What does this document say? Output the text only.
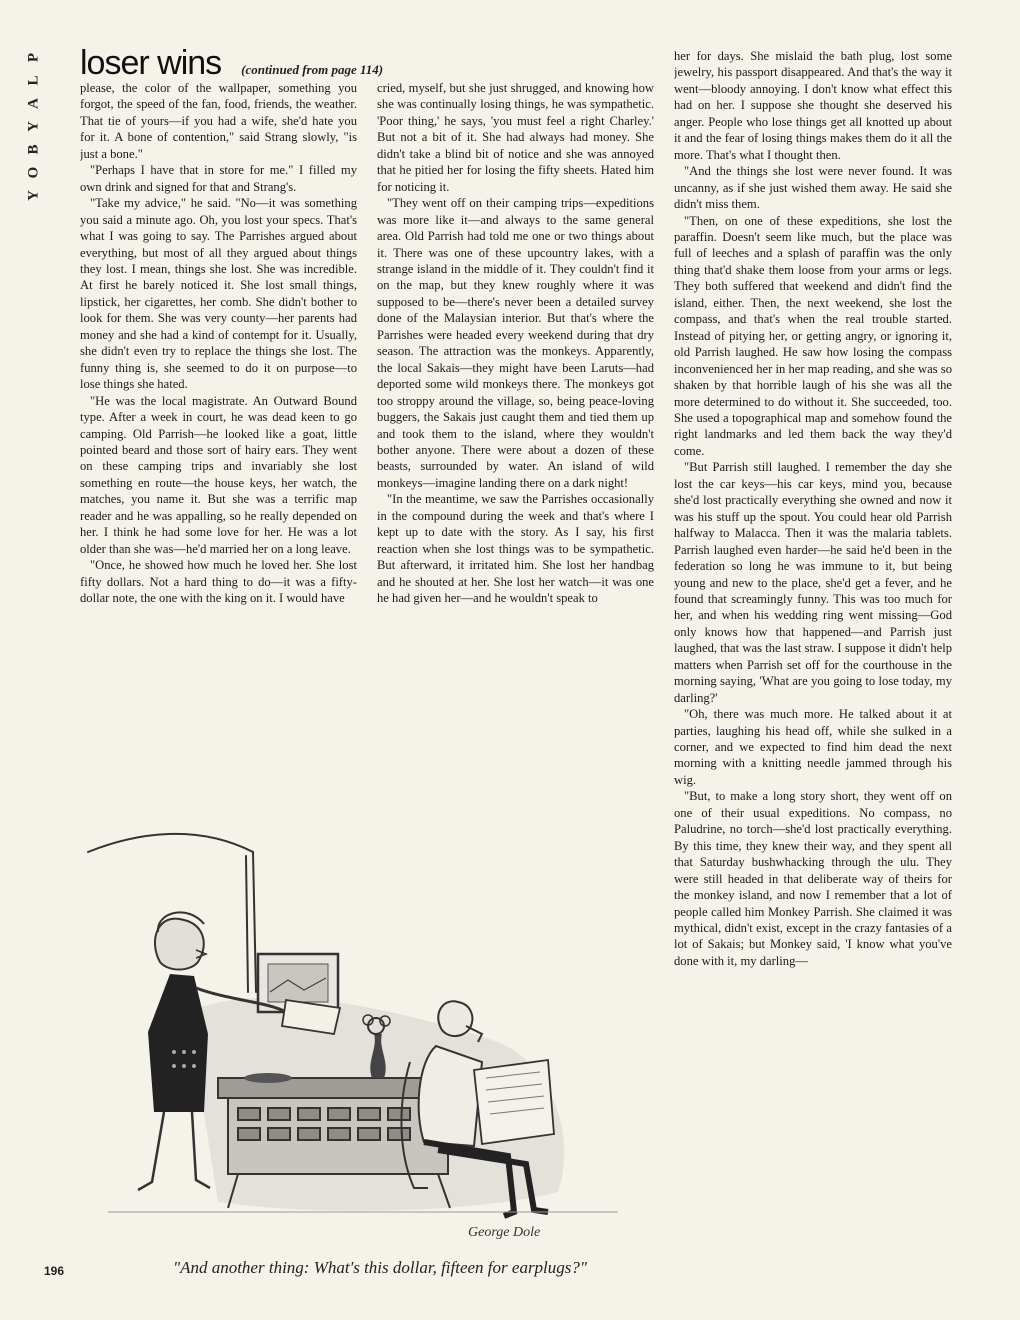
P
L
A
Y
B
O
Y
loser wins (continued from page 114)

please, the color of the wallpaper, something you forgot, the speed of the fan, food, friends, the weather. That tie of yours—if you had a wife, she'd hate you for it. A bone of contention," said Strang slowly, "is just a bone."

"Perhaps I have that in store for me." I filled my own drink and signed for that and Strang's.

"Take my advice," he said. "No—it was something you said a minute ago. Oh, you lost your specs. That's what I was going to say. The Parrishes argued about everything, but most of all they argued about things they lost. I mean, things she lost. She was incredible. At first he barely noticed it. She lost small things, lipstick, her cigarettes, her comb. She didn't bother to look for them. She was very county—her parents had money and she had a kind of contempt for it. Usually, she didn't even try to replace the things she lost. The funny thing is, she seemed to do it on purpose—to lose things she hated.

"He was the local magistrate. An Outward Bound type. After a week in court, he was dead keen to go camping. Old Parrish—he looked like a goat, little pointed beard and those sort of hairy ears. They went on these camping trips and invariably she lost something en route—the house keys, her watch, the matches, you name it. But she was a terrific map reader and he was appalling, so he really depended on her. I think he had some love for her. He was a lot older than she was—he'd married her on a long leave.

"Once, he showed how much he loved her. She lost fifty dollars. Not a hard thing to do—it was a fifty-dollar note, the one with the king on it. I would have

cried, myself, but she just shrugged, and knowing how she was continually losing things, he was sympathetic. 'Poor thing,' he says, 'you must feel a right Charley.' But not a bit of it. She had always had money. She didn't take a blind bit of notice and she was annoyed that he pitied her for losing the fifty sheets. Hated him for noticing it.

"They went off on their camping trips—expeditions was more like it—and always to the same general area. Old Parrish had told me one or two things about it. There was one of these upcountry lakes, with a strange island in the middle of it. They couldn't find it on the map, but they knew roughly where it was supposed to be—there's never been a detailed survey done of the Malaysian interior. But that's where the Parrishes were headed every weekend during that dry season. The attraction was the monkeys. Apparently, the local Sakais—they might have been Laruts—had deported some wild monkeys there. The monkeys got too stroppy around the village, so, being peace-loving buggers, the Sakais just caught them and tied them up and took them to the island, where they wouldn't bother anyone. There were about a dozen of these beasts, surrounded by water. An island of wild monkeys—imagine landing there on a dark night!

"In the meantime, we saw the Parrishes occasionally in the compound during the week and that's where I kept up to date with the story. As I say, his first reaction when she lost things was to be sympathetic. But afterward, it irritated him. She lost her handbag and he shouted at her. She lost her watch—it was one he had given her—and he wouldn't speak to

her for days. She mislaid the bath plug, lost some jewelry, his passport disappeared. And that's the way it went—bloody annoying. I don't know what effect this had on her. I suppose she thought she deserved his anger. People who lose things get all knotted up about it and the fear of losing things makes them do it all the more. That's what I thought then.

"And the things she lost were never found. It was uncanny, as if she just wished them away. He said she didn't miss them.

"Then, on one of these expeditions, she lost the paraffin. Doesn't seem like much, but the place was full of leeches and a splash of paraffin was the only thing that'd shake them loose from your arms or legs. They both suffered that weekend and didn't find the island, either. Then, the next weekend, she lost the compass, and that's when the real trouble started. Instead of pitying her, or getting angry, or ignoring it, old Parrish laughed. He saw how losing the compass inconvenienced her in her map reading, and she was so shaken by that horrible laugh of his she was all the more determined to do without it. She succeeded, too. She used a topographical map and somehow found the right landmarks and led them back the way they'd come.

"But Parrish still laughed. I remember the day she lost the car keys—his car keys, mind you, because she'd lost practically everything she owned and now it was his stuff up the spout. You could hear old Parrish halfway to Malacca. Then it was the malaria tablets. Parrish laughed even harder—he said he'd been in the federation so long he was immune to it, but being young and new to the place, she'd get a fever, and he found that screamingly funny. This was too much for her, and when his wedding ring went missing—God only knows how that happened—and Parrish just laughed, that was the last straw. I suppose it didn't help matters when Parrish set off for the courthouse in the morning saying, 'What are you going to lose today, my darling?'

"Oh, there was much more. He talked about it at parties, laughing his head off, while she sulked in a corner, and we expected to find him dead the next morning with a knitting needle jammed through his wig.

"But, to make a long story short, they went off on one of their usual expeditions. No compass, no Paludrine, no torch—she'd lost practically everything. By this time, they knew their way, and they spent all that Saturday bushwhacking through the ulu. They were still headed in that deliberate way of theirs for the monkey island, and now I remember that a lot of people called him Monkey Parrish. She claimed it was mythical, didn't exist, except in the crazy fantasies of a lot of Sakais; but Monkey said, 'I know what you've done with it, my darling—

George Dole
"And another thing: What's this dollar, fifteen for earplugs?"
196
